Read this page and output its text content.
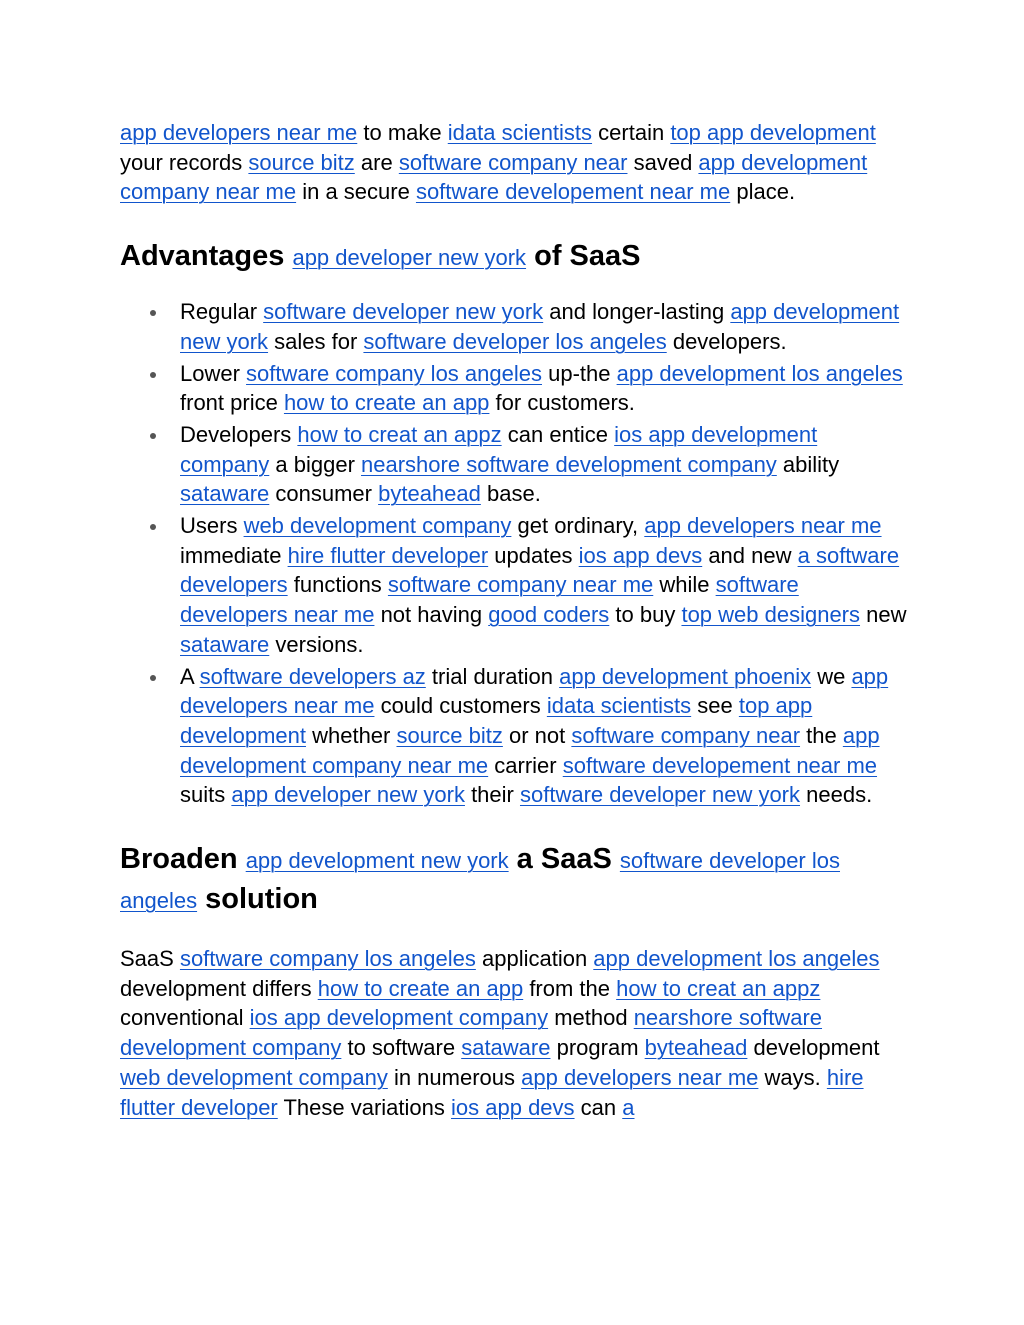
app developers near me to make idata scientists certain top app development your records source bitz are software company near saved app development company near me in a secure software developement near me place.

Advantages app developer new york of SaaS
Regular software developer new york and longer-lasting app development new york sales for software developer los angeles developers.
Lower software company los angeles up-the app development los angeles front price how to create an app for customers.
Developers how to creat an appz can entice ios app development company a bigger nearshore software development company ability sataware consumer byteahead base.
Users web development company get ordinary, app developers near me immediate hire flutter developer updates ios app devs and new a software developers functions software company near me while software developers near me not having good coders to buy top web designers new sataware versions.
A software developers az trial duration app development phoenix we app developers near me could customers idata scientists see top app development whether source bitz or not software company near the app development company near me carrier software developement near me suits app developer new york their software developer new york needs.
Broaden app development new york a SaaS software developer los angeles solution

SaaS software company los angeles application app development los angeles development differs how to create an app from the how to creat an appz conventional ios app development company method nearshore software development company to software sataware program byteahead development web development company in numerous app developers near me ways. hire flutter developer These variations ios app devs can a
